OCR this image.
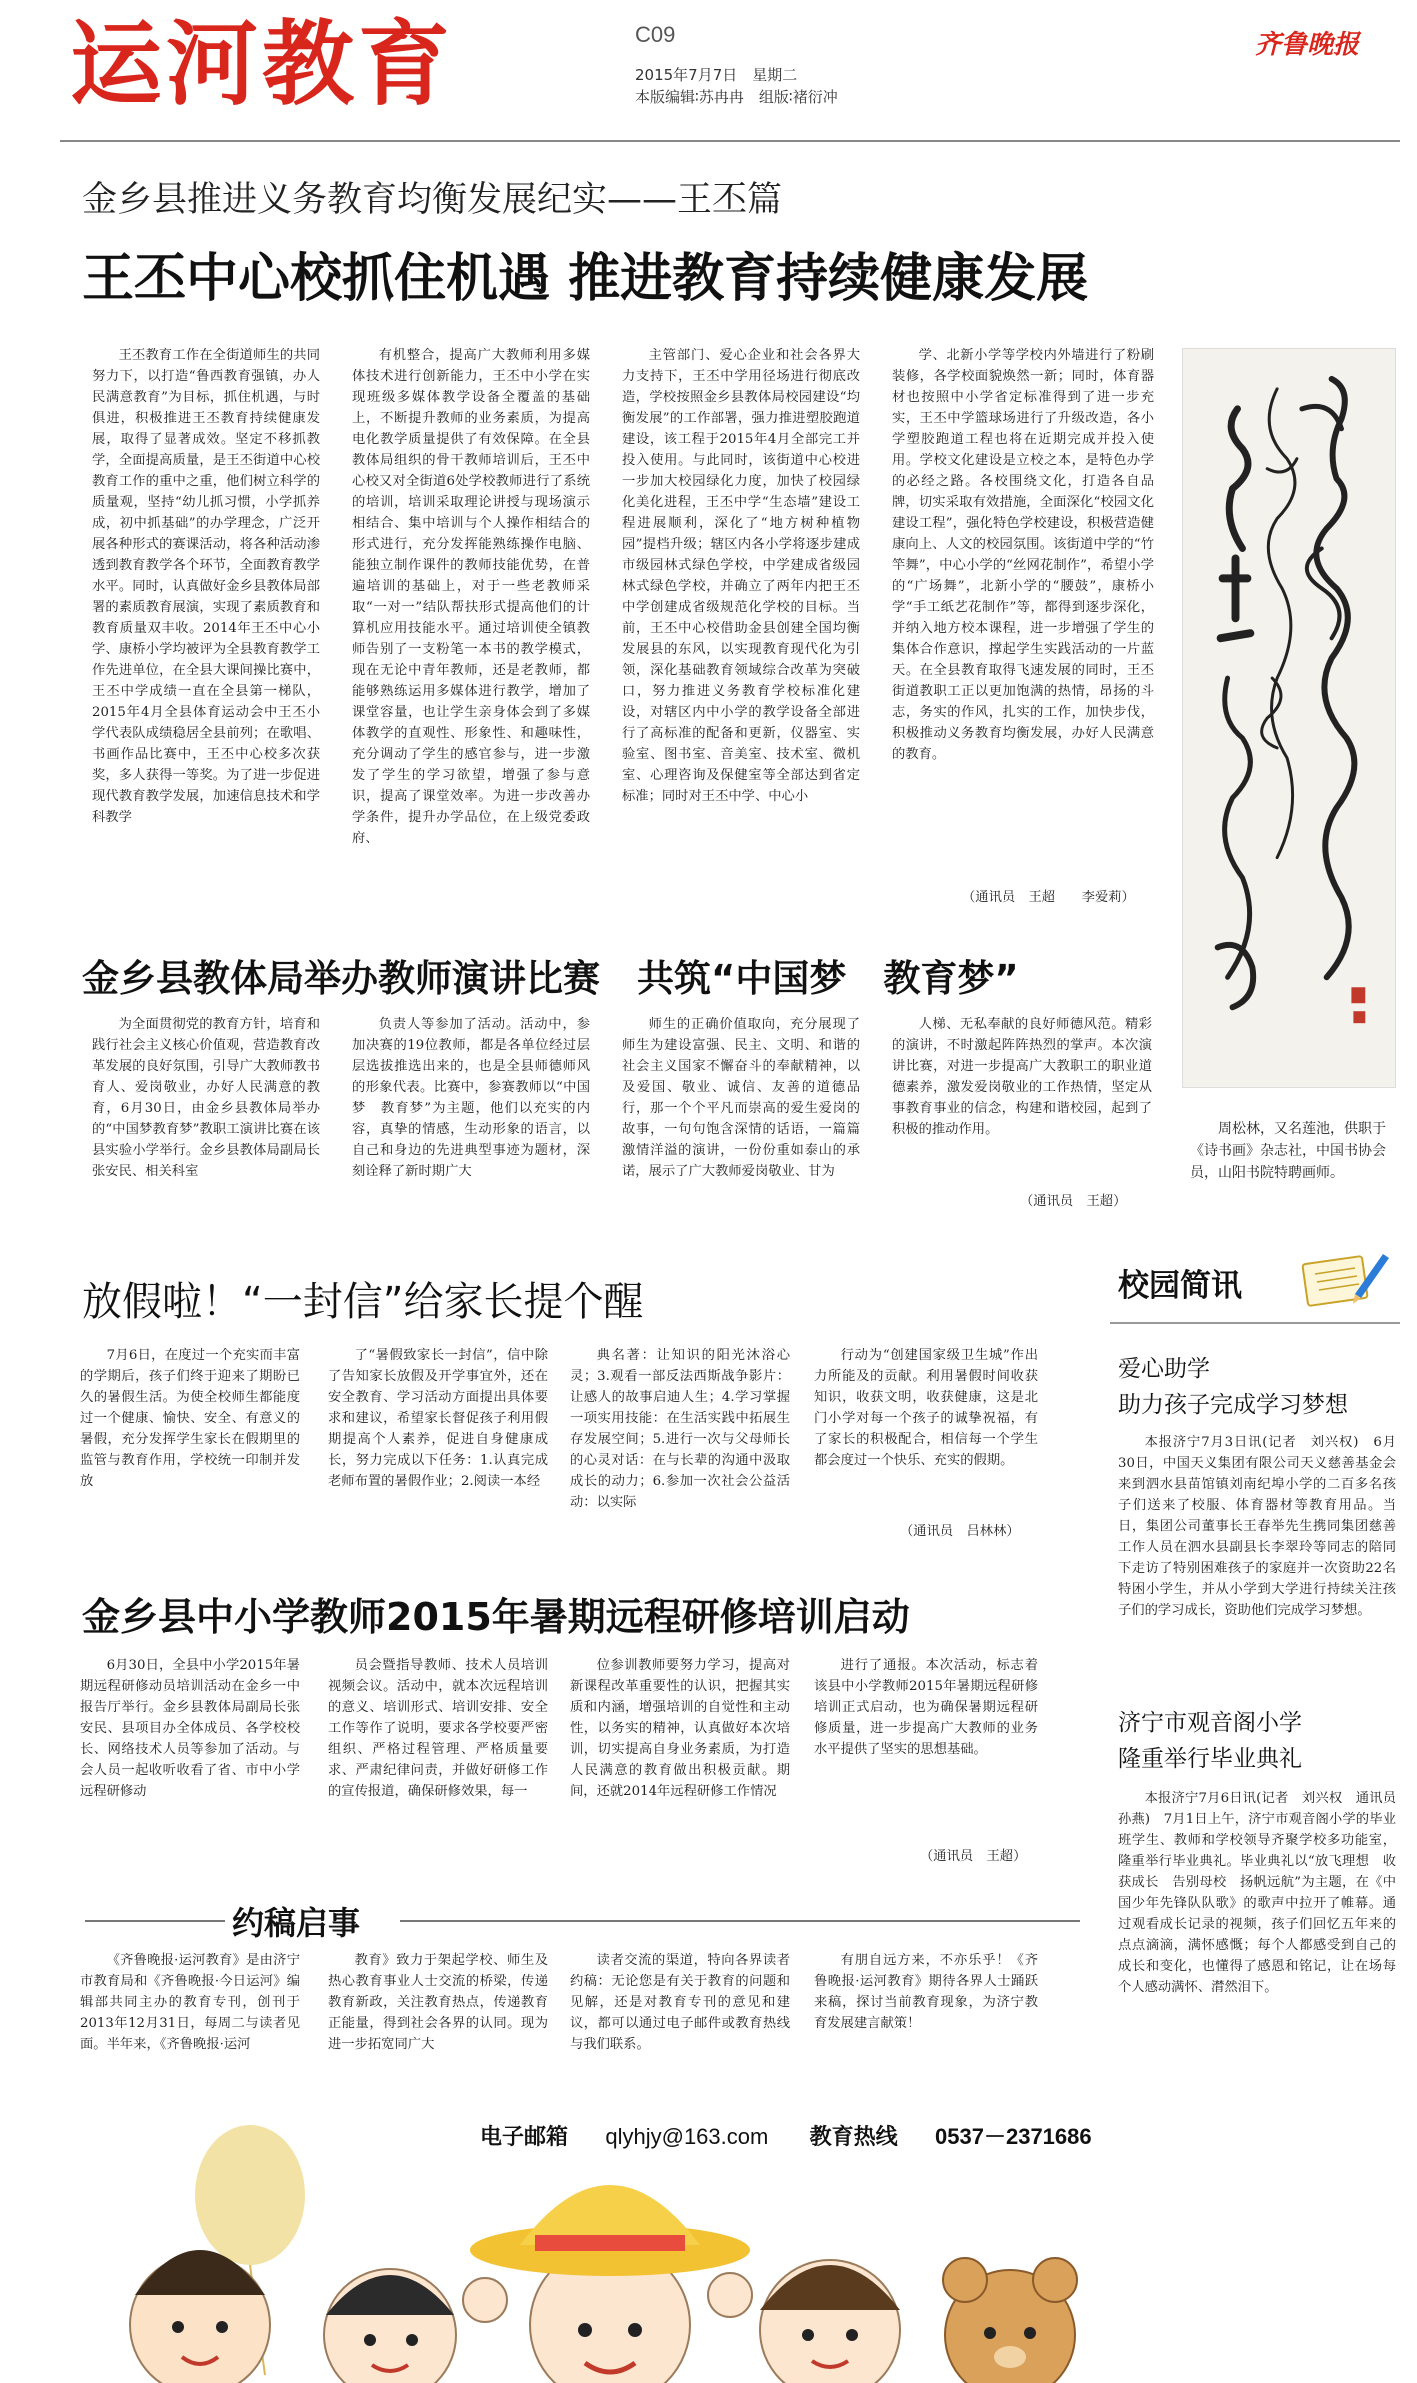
运河教育	C09
2015年7月7日　星期二
本版编辑∶苏冉冉　组版∶褚衍冲
齐鲁晚报
金乡县推进义务教育均衡发展纪实——王丕篇
王丕中心校抓住机遇 推进教育持续健康发展

王丕教育工作在全街道师生的共同努力下，以打造“鲁西教育强镇，办人民满意教育”为目标，抓住机遇，与时俱进，积极推进王丕教育持续健康发展，取得了显著成效。坚定不移抓教学，全面提高质量，是王丕街道中心校教育工作的重中之重，他们树立科学的质量观，坚持“幼儿抓习惯，小学抓养成，初中抓基础”的办学理念，广泛开展各种形式的赛课活动，将各种活动渗透到教育教学各个环节，全面教育教学水平。同时，认真做好金乡县教体局部署的素质教育展演，实现了素质教育和教育质量双丰收。2014年王丕中心小学、康桥小学均被评为全县教育教学工作先进单位，在全县大课间操比赛中，王丕中学成绩一直在全县第一梯队，2015年4月全县体育运动会中王丕小学代表队成绩稳居全县前列；在歌唱、书画作品比赛中，王丕中心校多次获奖，多人获得一等奖。为了进一步促进现代教育教学发展，加速信息技术和学科教学

有机整合，提高广大教师利用多媒体技术进行创新能力，王丕中小学在实现班级多媒体教学设备全覆盖的基础上，不断提升教师的业务素质，为提高电化教学质量提供了有效保障。在全县教体局组织的骨干教师培训后，王丕中心校又对全街道6处学校教师进行了系统的培训，培训采取理论讲授与现场演示相结合、集中培训与个人操作相结合的形式进行，充分发挥能熟练操作电脑、能独立制作课件的教师技能优势，在普遍培训的基础上，对于一些老教师采取“一对一”结队帮扶形式提高他们的计算机应用技能水平。通过培训使全镇教师告别了一支粉笔一本书的教学模式，现在无论中青年教师，还是老教师，都能够熟练运用多媒体进行教学，增加了课堂容量，也让学生亲身体会到了多媒体教学的直观性、形象性、和趣味性，充分调动了学生的感官参与，进一步激发了学生的学习欲望，增强了参与意识，提高了课堂效率。为进一步改善办学条件，提升办学品位，在上级党委政府、

主管部门、爱心企业和社会各界大力支持下，王丕中学用径场进行彻底改造，学校按照金乡县教体局校园建设“均衡发展”的工作部署，强力推进塑胶跑道建设，该工程于2015年4月全部完工并投入使用。与此同时，该街道中心校进一步加大校园绿化力度，加快了校园绿化美化进程，王丕中学“生态墙”建设工程进展顺利，深化了“地方树种植物园”提档升级；辖区内各小学将逐步建成市级园林式绿色学校，中学建成省级园林式绿色学校，并确立了两年内把王丕中学创建成省级规范化学校的目标。当前，王丕中心校借助金县创建全国均衡发展县的东风，以实现教育现代化为引领，深化基础教育领域综合改革为突破口，努力推进义务教育学校标准化建设，对辖区内中小学的教学设备全部进行了高标准的配备和更新，仪器室、实验室、图书室、音美室、技术室、微机室、心理咨询及保健室等全部达到省定标准；同时对王丕中学、中心小

学、北新小学等学校内外墙进行了粉刷装修，各学校面貌焕然一新；同时，体育器材也按照中小学省定标准得到了进一步充实，王丕中学篮球场进行了升级改造，各小学塑胶跑道工程也将在近期完成并投入使用。学校文化建设是立校之本，是特色办学的必经之路。各校围绕文化，打造各自品牌，切实采取有效措施，全面深化“校园文化建设工程”，强化特色学校建设，积极营造健康向上、人文的校园氛围。该街道中学的“竹竿舞”，中心小学的“丝网花制作”，希望小学的“广场舞”，北新小学的“腰鼓”，康桥小学“手工纸艺花制作”等，都得到逐步深化，并纳入地方校本课程，进一步增强了学生的集体合作意识，撑起学生实践活动的一片蓝天。在全县教育取得飞速发展的同时，王丕街道教职工正以更加饱满的热情，昂扬的斗志，务实的作风，扎实的工作，加快步伐，积极推动义务教育均衡发展，办好人民满意的教育。

（通讯员　王超　　李爱莉）
周松林，又名莲池，供职于《诗书画》杂志社，中国书协会员，山阳书院特聘画师。
金乡县教体局举办教师演讲比赛　共筑“中国梦　教育梦”

为全面贯彻党的教育方针，培育和践行社会主义核心价值观，营造教育改革发展的良好氛围，引导广大教师教书育人、爱岗敬业，办好人民满意的教育，6月30日，由金乡县教体局举办的“中国梦教育梦”教职工演讲比赛在该县实验小学举行。金乡县教体局副局长张安民、相关科室

负责人等参加了活动。活动中，参加决赛的19位教师，都是各单位经过层层选拔推选出来的，也是全县师德师风的形象代表。比赛中，参赛教师以“中国梦　教育梦”为主题，他们以充实的内容，真挚的情感，生动形象的语言，以自己和身边的先进典型事迹为题材，深刻诠释了新时期广大

师生的正确价值取向，充分展现了师生为建设富强、民主、文明、和谐的社会主义国家不懈奋斗的奉献精神，以及爱国、敬业、诚信、友善的道德品行，那一个个平凡而崇高的爱生爱岗的故事，一句句饱含深情的话语，一篇篇激情洋溢的演讲，一份份重如泰山的承诺，展示了广大教师爱岗敬业、甘为

人梯、无私奉献的良好师德风范。精彩的演讲，不时激起阵阵热烈的掌声。本次演讲比赛，对进一步提高广大教职工的职业道德素养，激发爱岗敬业的工作热情，坚定从事教育事业的信念，构建和谐校园，起到了积极的推动作用。

（通讯员　王超）
放假啦！“一封信”给家长提个醒

7月6日，在度过一个充实而丰富的学期后，孩子们终于迎来了期盼已久的暑假生活。为使全校师生都能度过一个健康、愉快、安全、有意义的暑假，充分发挥学生家长在假期里的监管与教育作用，学校统一印制并发放

了“暑假致家长一封信”，信中除了告知家长放假及开学事宜外，还在安全教育、学习活动方面提出具体要求和建议，希望家长督促孩子利用假期提高个人素养，促进自身健康成长，努力完成以下任务：1.认真完成老师布置的暑假作业；2.阅读一本经

典名著：让知识的阳光沐浴心灵；3.观看一部反法西斯战争影片：让感人的故事启迪人生；4.学习掌握一项实用技能：在生活实践中拓展生存发展空间；5.进行一次与父母师长的心灵对话：在与长辈的沟通中汲取成长的动力；6.参加一次社会公益活动：以实际

行动为“创建国家级卫生城”作出力所能及的贡献。利用暑假时间收获知识，收获文明，收获健康，这是北门小学对每一个孩子的诚挚祝福，有了家长的积极配合，相信每一个学生都会度过一个快乐、充实的假期。

（通讯员　吕林林）
金乡县中小学教师2015年暑期远程研修培训启动

6月30日，全县中小学2015年暑期远程研修动员培训活动在金乡一中报告厅举行。金乡县教体局副局长张安民、县项目办全体成员、各学校校长、网络技术人员等参加了活动。与会人员一起收听收看了省、市中小学远程研修动

员会暨指导教师、技术人员培训视频会议。活动中，就本次远程培训的意义、培训形式、培训安排、安全工作等作了说明，要求各学校要严密组织、严格过程管理、严格质量要求、严肃纪律问责，并做好研修工作的宣传报道，确保研修效果，每一

位参训教师要努力学习，提高对新课程改革重要性的认识，把握其实质和内涵，增强培训的自觉性和主动性，以务实的精神，认真做好本次培训，切实提高自身业务素质，为打造人民满意的教育做出积极贡献。期间，还就2014年远程研修工作情况

进行了通报。本次活动，标志着该县中小学教师2015年暑期远程研修培训正式启动，也为确保暑期远程研修质量，进一步提高广大教师的业务水平提供了坚实的思想基础。

（通讯员　王超）
校园简讯
爱心助学
助力孩子完成学习梦想

本报济宁7月3日讯(记者　刘兴权)　6月30日，中国天义集团有限公司天义慈善基金会来到泗水县苗馆镇刘南纪埠小学的二百多名孩子们送来了校服、体育器材等教育用品。当日，集团公司董事长王春举先生携同集团慈善工作人员在泗水县副县长李翠玲等同志的陪同下走访了特别困难孩子的家庭并一次资助22名特困小学生，并从小学到大学进行持续关注孩子们的学习成长，资助他们完成学习梦想。

济宁市观音阁小学
隆重举行毕业典礼

本报济宁7月6日讯(记者　刘兴权　通讯员　孙燕)　7月1日上午，济宁市观音阁小学的毕业班学生、教师和学校领导齐聚学校多功能室，隆重举行毕业典礼。毕业典礼以“放飞理想　收获成长　告别母校　扬帆远航”为主题，在《中国少年先锋队队歌》的歌声中拉开了帷幕。通过观看成长记录的视频，孩子们回忆五年来的点点滴滴，满怀感慨；每个人都感受到自己的成长和变化，也懂得了感恩和铭记，让在场每个人感动满怀、潸然泪下。

约稿启事

《齐鲁晚报·运河教育》是由济宁市教育局和《齐鲁晚报·今日运河》编辑部共同主办的教育专刊，创刊于2013年12月31日，每周二与读者见面。半年来，《齐鲁晚报·运河

教育》致力于架起学校、师生及热心教育事业人士交流的桥梁，传递教育新政，关注教育热点，传递教育正能量，得到社会各界的认同。现为进一步拓宽同广大

读者交流的渠道，特向各界读者约稿：无论您是有关于教育的问题和见解，还是对教育专刊的意见和建议，都可以通过电子邮件或教育热线与我们联系。

有朋自远方来，不亦乐乎！《齐鲁晚报·运河教育》期待各界人士踊跃来稿，探讨当前教育现象，为济宁教育发展建言献策！

电子邮箱 qlyhjy@163.com 教育热线 0537－2371686
